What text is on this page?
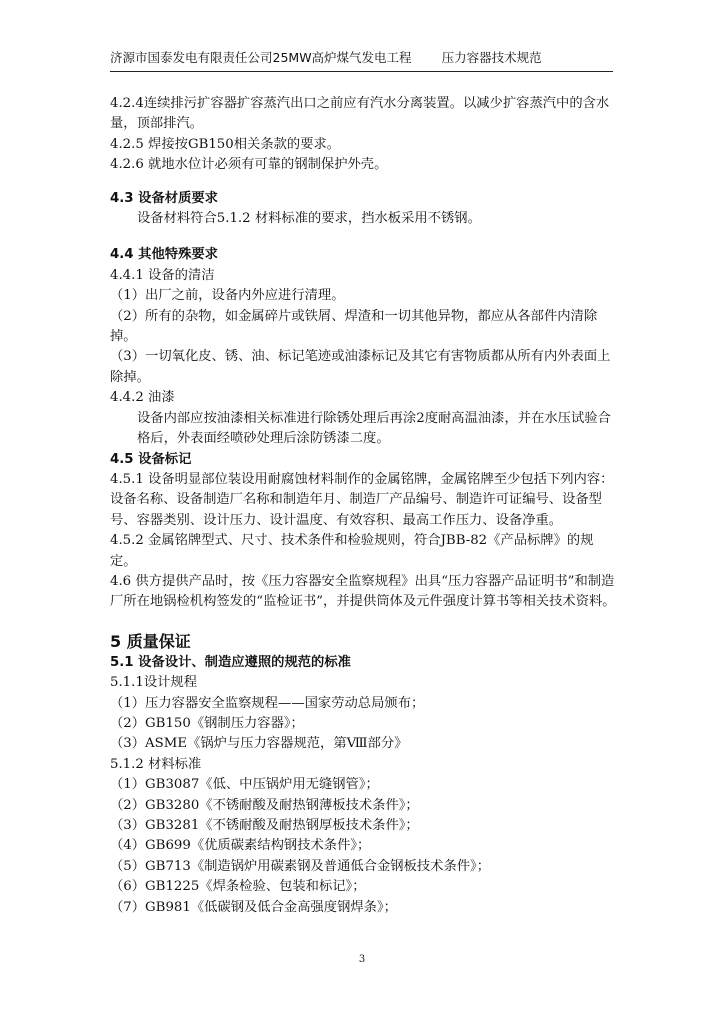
济源市国泰发电有限责任公司25MW高炉煤气发电工程 压力容器技术规范

4.2.4连续排污扩容器扩容蒸汽出口之前应有汽水分离装置。以减少扩容蒸汽中的含水量，顶部排汽。

4.2.5 焊接按GB150相关条款的要求。

4.2.6 就地水位计必须有可靠的钢制保护外壳。

4.3 设备材质要求

设备材料符合5.1.2 材料标准的要求，挡水板采用不锈钢。

4.4 其他特殊要求

4.4.1 设备的清洁

（1）出厂之前，设备内外应进行清理。

（2）所有的杂物，如金属碎片或铁屑、焊渣和一切其他异物，都应从各部件内清除掉。

（3）一切氧化皮、锈、油、标记笔迹或油漆标记及其它有害物质都从所有内外表面上除掉。

4.4.2 油漆

设备内部应按油漆相关标准进行除锈处理后再涂2度耐高温油漆，并在水压试验合格后，外表面经喷砂处理后涂防锈漆二度。

4.5 设备标记

4.5.1 设备明显部位装设用耐腐蚀材料制作的金属铭牌，金属铭牌至少包括下列内容：设备名称、设备制造厂名称和制造年月、制造厂产品编号、制造许可证编号、设备型号、容器类别、设计压力、设计温度、有效容积、最高工作压力、设备净重。

4.5.2 金属铭牌型式、尺寸、技术条件和检验规则，符合JBB-82《产品标牌》的规定。

4.6 供方提供产品时，按《压力容器安全监察规程》出具“压力容器产品证明书”和制造厂所在地锅检机构签发的“监检证书”，并提供筒体及元件强度计算书等相关技术资料。

5 质量保证

5.1 设备设计、制造应遵照的规范的标准

5.1.1设计规程

（1）压力容器安全监察规程——国家劳动总局颁布；

（2）GB150《钢制压力容器》；

（3）ASME《锅炉与压力容器规范，第Ⅷ部分》

5.1.2 材料标准

（1）GB3087《低、中压锅炉用无缝钢管》；

（2）GB3280《不锈耐酸及耐热钢薄板技术条件》；

（3）GB3281《不锈耐酸及耐热钢厚板技术条件》；

（4）GB699《优质碳素结构钢技术条件》；

（5）GB713《制造锅炉用碳素钢及普通低合金钢板技术条件》；

（6）GB1225《焊条检验、包装和标记》；

（7）GB981《低碳钢及低合金高强度钢焊条》；

3
